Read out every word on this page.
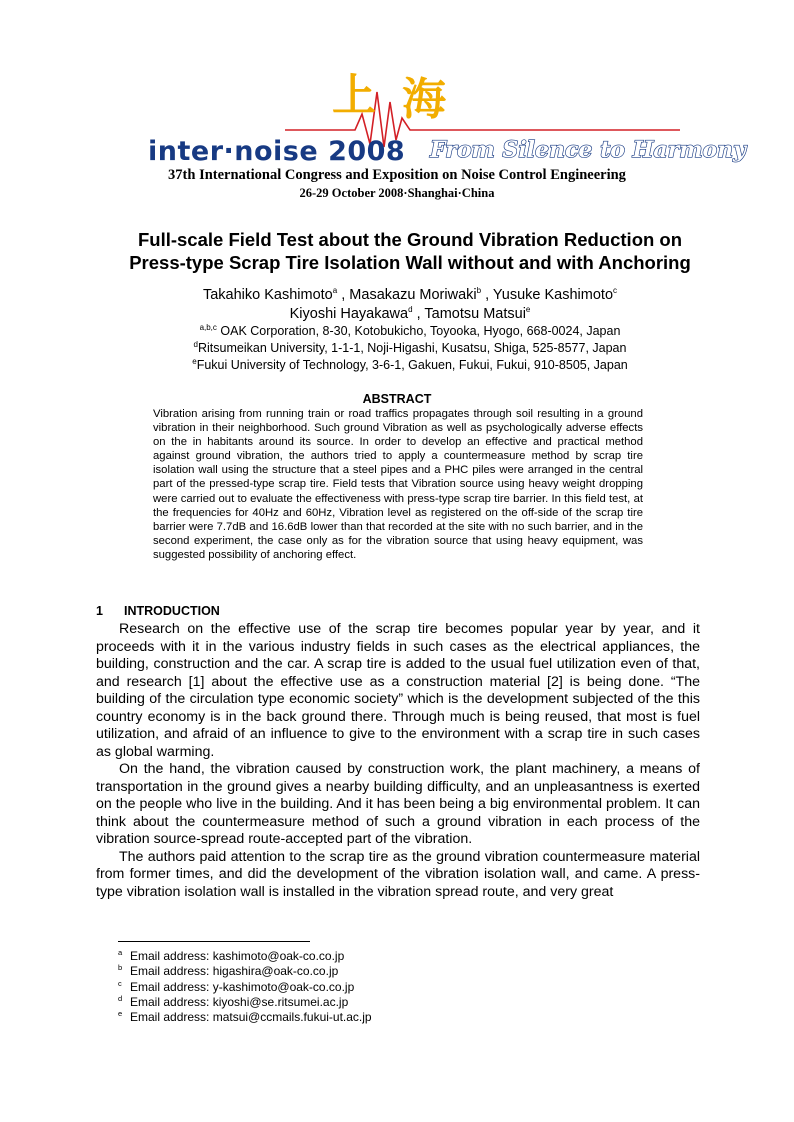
上 海
inter·noise 2008 From Silence to Harmony
37th International Congress and Exposition on Noise Control Engineering
26-29 October 2008·Shanghai·China
Full-scale Field Test about the Ground Vibration Reduction on
Press-type Scrap Tire Isolation Wall without and with Anchoring
Takahiko Kashimoto$^a$ , Masakazu Moriwaki$^b$ , Yusuke Kashimoto$^c$
Kiyoshi Hayakawa$^d$ , Tamotsu Matsui$^e$
$^{a,b,c}$ OAK Corporation, 8-30, Kotobukicho, Toyooka, Hyogo, 668-0024, Japan
$^d$Ritsumeikan University, 1-1-1, Noji-Higashi, Kusatsu, Shiga, 525-8577, Japan
$^e$Fukui University of Technology, 3-6-1, Gakuen, Fukui, Fukui, 910-8505, Japan
ABSTRACT
Vibration arising from running train or road traffics propagates through soil resulting in a ground vibration in their neighborhood. Such ground Vibration as well as psychologically adverse effects on the in habitants around its source. In order to develop an effective and practical method against ground vibration, the authors tried to apply a countermeasure method by scrap tire isolation wall using the structure that a steel pipes and a PHC piles were arranged in the central part of the pressed-type scrap tire. Field tests that Vibration source using heavy weight dropping were carried out to evaluate the effectiveness with press-type scrap tire barrier. In this field test, at the frequencies for 40Hz and 60Hz, Vibration level as registered on the off-side of the scrap tire barrier were 7.7dB and 16.6dB lower than that recorded at the site with no such barrier, and in the second experiment, the case only as for the vibration source that using heavy equipment, was suggested possibility of anchoring effect.
1 INTRODUCTION

Research on the effective use of the scrap tire becomes popular year by year, and it proceeds with it in the various industry fields in such cases as the electrical appliances, the building, construction and the car. A scrap tire is added to the usual fuel utilization even of that, and research [1] about the effective use as a construction material [2] is being done. “The building of the circulation type economic society” which is the development subjected of the this country economy is in the back ground there. Through much is being reused, that most is fuel utilization, and afraid of an influence to give to the environment with a scrap tire in such cases as global warming.

On the hand, the vibration caused by construction work, the plant machinery, a means of transportation in the ground gives a nearby building difficulty, and an unpleasantness is exerted on the people who live in the building. And it has been being a big environmental problem. It can think about the countermeasure method of such a ground vibration in each process of the vibration source-spread route-accepted part of the vibration.

The authors paid attention to the scrap tire as the ground vibration countermeasure material from former times, and did the development of the vibration isolation wall, and came. A press- type vibration isolation wall is installed in the vibration spread route, and very great

$^a$ Email address: kashimoto@oak-co.co.jp
$^b$ Email address: higashira@oak-co.co.jp
$^c$ Email address: y-kashimoto@oak-co.co.jp
$^d$ Email address: kiyoshi@se.ritsumei.ac.jp
$^e$ Email address: matsui@ccmails.fukui-ut.ac.jp
